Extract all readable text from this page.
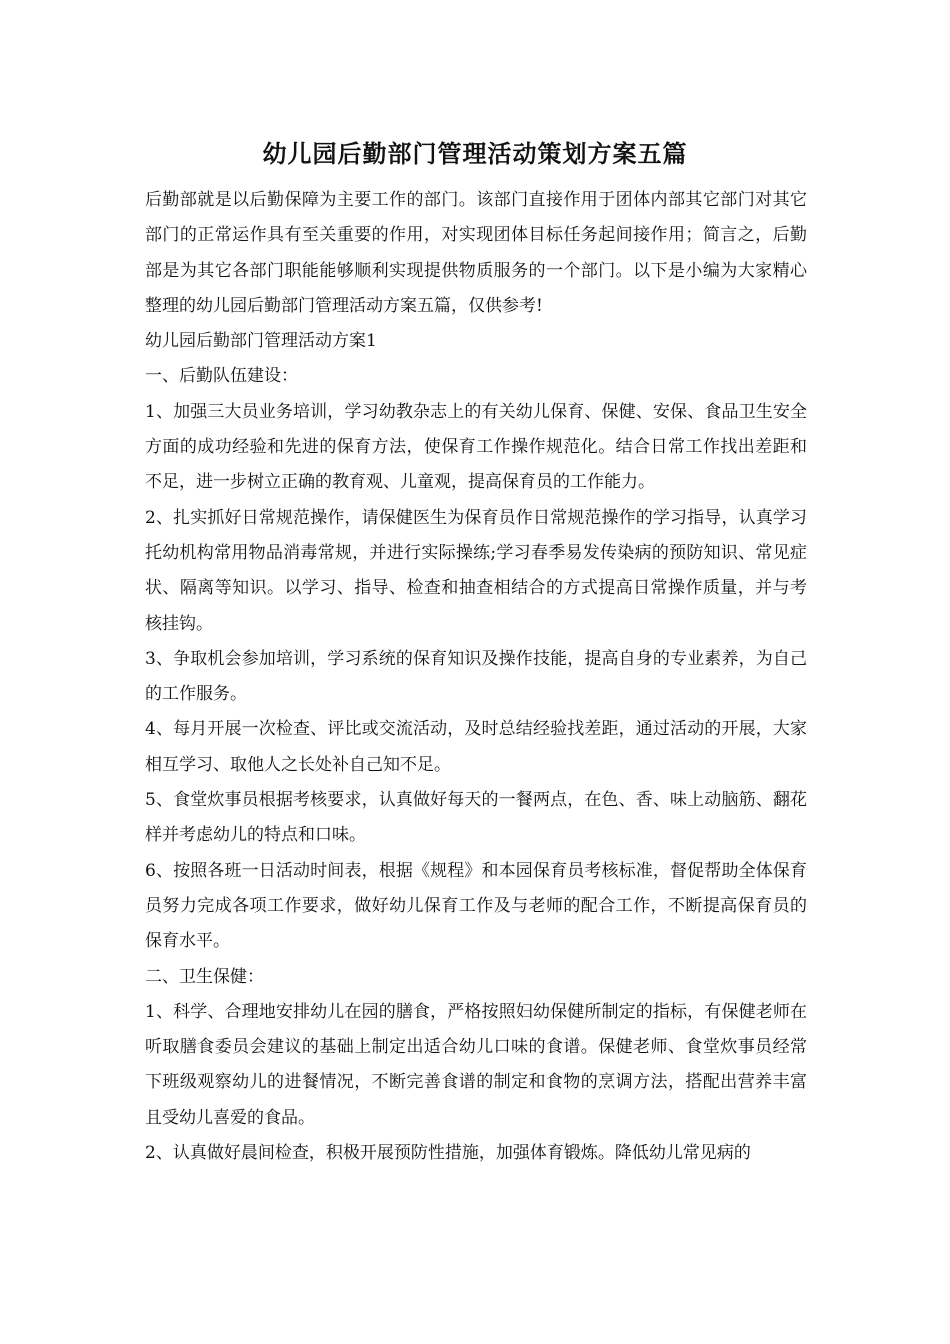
幼儿园后勤部门管理活动策划方案五篇

后勤部就是以后勤保障为主要工作的部门。该部门直接作用于团体内部其它部门对其它部门的正常运作具有至关重要的作用，对实现团体目标任务起间接作用；简言之，后勤部是为其它各部门职能能够顺利实现提供物质服务的一个部门。以下是小编为大家精心整理的幼儿园后勤部门管理活动方案五篇，仅供参考!

幼儿园后勤部门管理活动方案1

一、后勤队伍建设：

1、加强三大员业务培训，学习幼教杂志上的有关幼儿保育、保健、安保、食品卫生安全方面的成功经验和先进的保育方法，使保育工作操作规范化。结合日常工作找出差距和不足，进一步树立正确的教育观、儿童观，提高保育员的工作能力。

2、扎实抓好日常规范操作，请保健医生为保育员作日常规范操作的学习指导，认真学习托幼机构常用物品消毒常规，并进行实际操练;学习春季易发传染病的预防知识、常见症状、隔离等知识。以学习、指导、检查和抽查相结合的方式提高日常操作质量，并与考核挂钩。

3、争取机会参加培训，学习系统的保育知识及操作技能，提高自身的专业素养，为自己的工作服务。

4、每月开展一次检查、评比或交流活动，及时总结经验找差距，通过活动的开展，大家相互学习、取他人之长处补自己知不足。

5、食堂炊事员根据考核要求，认真做好每天的一餐两点，在色、香、味上动脑筋、翻花样并考虑幼儿的特点和口味。

6、按照各班一日活动时间表，根据《规程》和本园保育员考核标准，督促帮助全体保育员努力完成各项工作要求，做好幼儿保育工作及与老师的配合工作，不断提高保育员的保育水平。

二、卫生保健：

1、科学、合理地安排幼儿在园的膳食，严格按照妇幼保健所制定的指标，有保健老师在听取膳食委员会建议的基础上制定出适合幼儿口味的食谱。保健老师、食堂炊事员经常下班级观察幼儿的进餐情况，不断完善食谱的制定和食物的烹调方法，搭配出营养丰富且受幼儿喜爱的食品。

2、认真做好晨间检查，积极开展预防性措施，加强体育锻炼。降低幼儿常见病的
